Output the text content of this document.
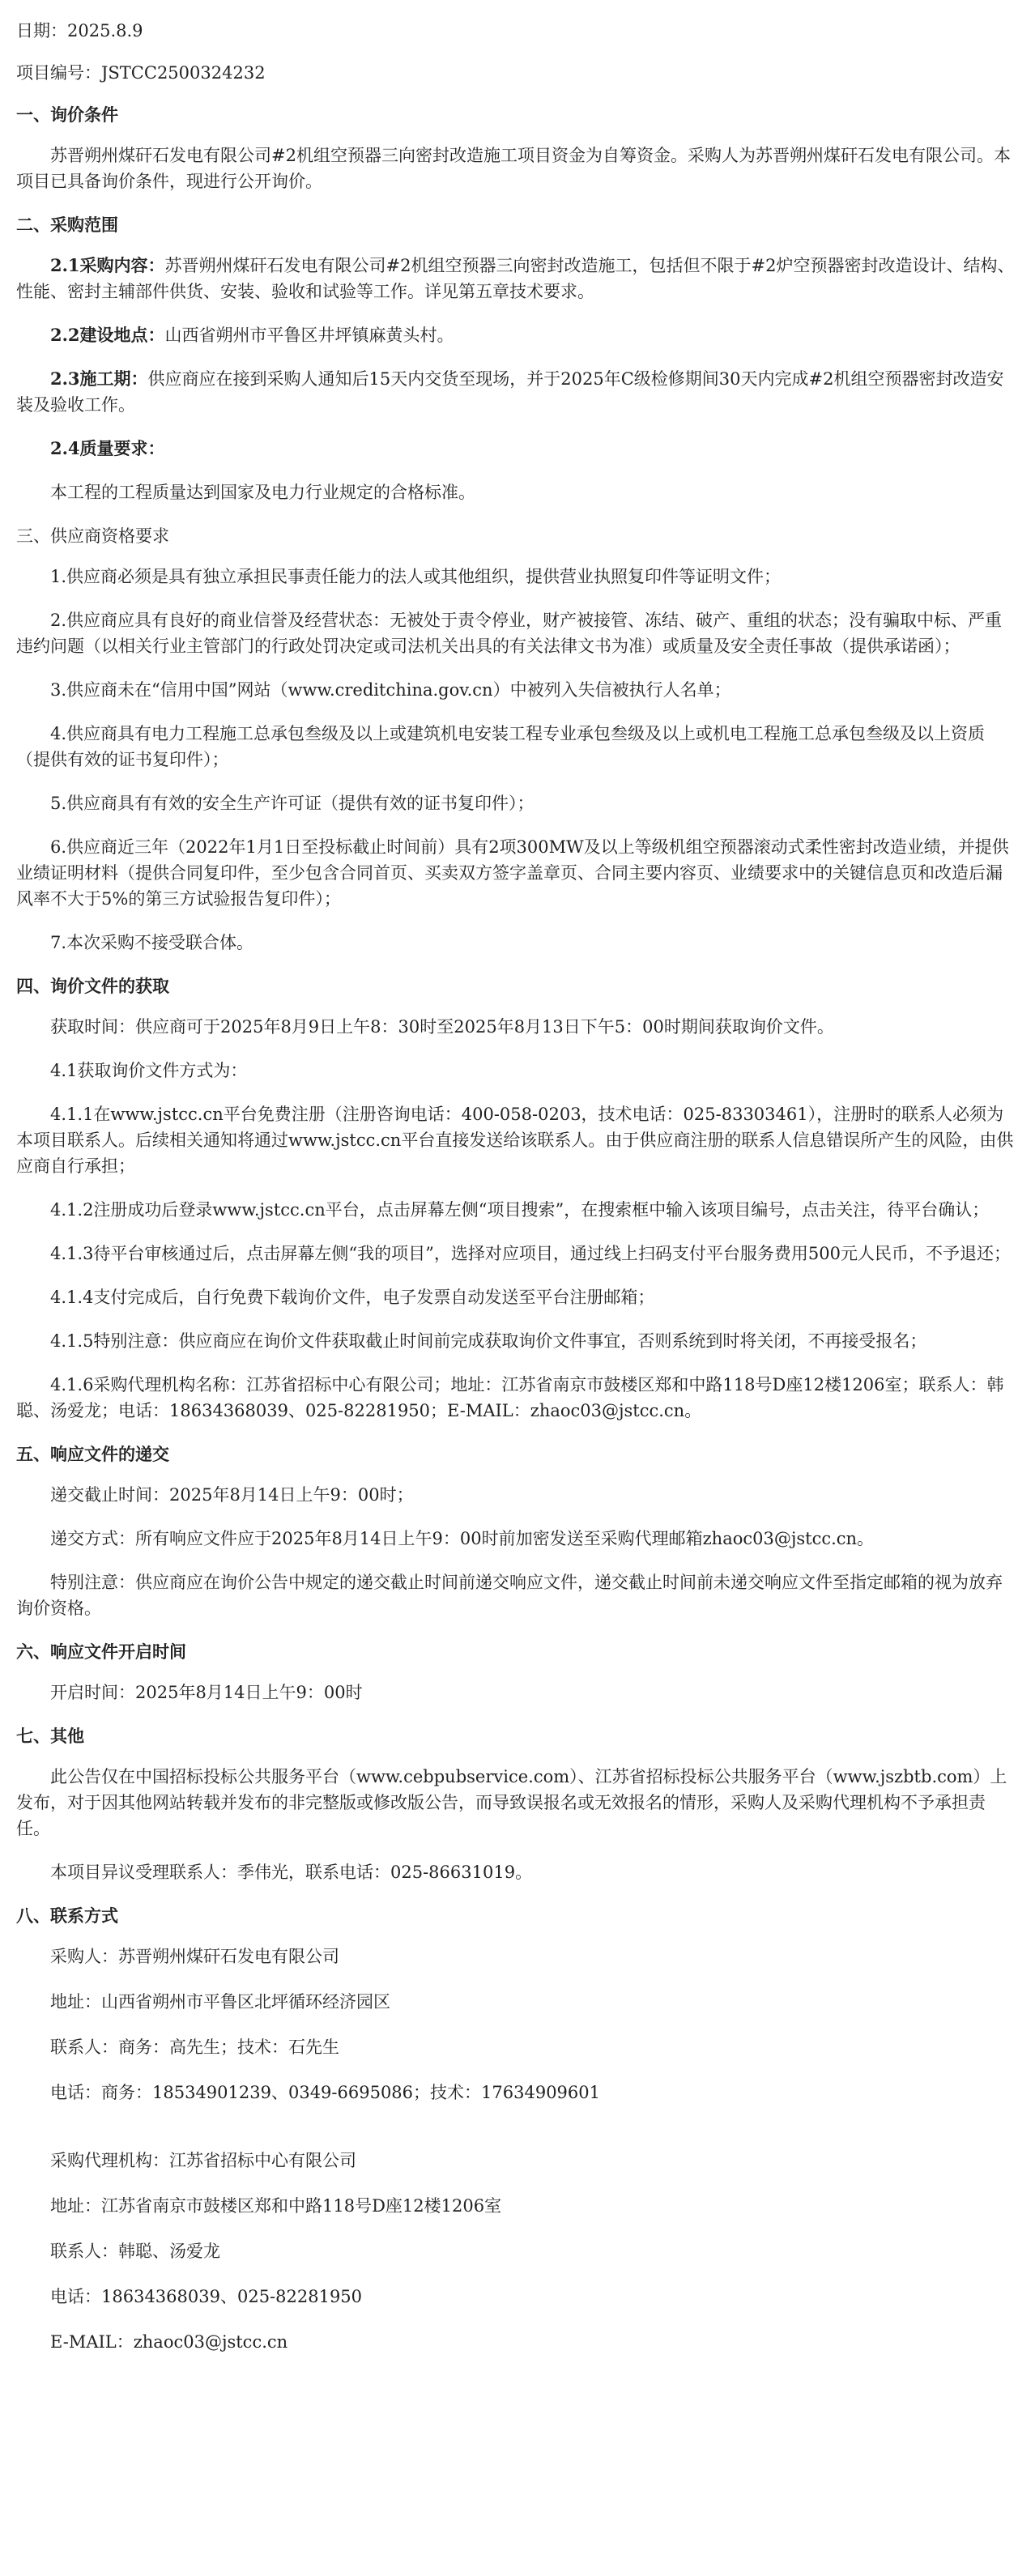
日期：2025.8.9
项目编号：JSTCC2500324232
一、询价条件
苏晋朔州煤矸石发电有限公司#2机组空预器三向密封改造施工项目资金为自筹资金。采购人为苏晋朔州煤矸石发电有限公司。本项目已具备询价条件，现进行公开询价。
二、采购范围
2.1采购内容：苏晋朔州煤矸石发电有限公司#2机组空预器三向密封改造施工，包括但不限于#2炉空预器密封改造设计、结构、性能、密封主辅部件供货、安装、验收和试验等工作。详见第五章技术要求。
2.2建设地点：山西省朔州市平鲁区井坪镇麻黄头村。
2.3施工期：供应商应在接到采购人通知后15天内交货至现场，并于2025年C级检修期间30天内完成#2机组空预器密封改造安装及验收工作。
2.4质量要求：
本工程的工程质量达到国家及电力行业规定的合格标准。
三、供应商资格要求
1.供应商必须是具有独立承担民事责任能力的法人或其他组织，提供营业执照复印件等证明文件；
2.供应商应具有良好的商业信誉及经营状态：无被处于责令停业，财产被接管、冻结、破产、重组的状态；没有骗取中标、严重违约问题（以相关行业主管部门的行政处罚决定或司法机关出具的有关法律文书为准）或质量及安全责任事故（提供承诺函）；
3.供应商未在“信用中国”网站（www.creditchina.gov.cn）中被列入失信被执行人名单；
4.供应商具有电力工程施工总承包叁级及以上或建筑机电安装工程专业承包叁级及以上或机电工程施工总承包叁级及以上资质（提供有效的证书复印件）；
5.供应商具有有效的安全生产许可证（提供有效的证书复印件）；
6.供应商近三年（2022年1月1日至投标截止时间前）具有2项300MW及以上等级机组空预器滚动式柔性密封改造业绩，并提供业绩证明材料（提供合同复印件，至少包含合同首页、买卖双方签字盖章页、合同主要内容页、业绩要求中的关键信息页和改造后漏风率不大于5%的第三方试验报告复印件）；
7.本次采购不接受联合体。
四、询价文件的获取
获取时间：供应商可于2025年8月9日上午8：30时至2025年8月13日下午5：00时期间获取询价文件。
4.1获取询价文件方式为：
4.1.1在www.jstcc.cn平台免费注册（注册咨询电话：400-058-0203，技术电话：025-83303461），注册时的联系人必须为本项目联系人。后续相关通知将通过www.jstcc.cn平台直接发送给该联系人。由于供应商注册的联系人信息错误所产生的风险，由供应商自行承担；
4.1.2注册成功后登录www.jstcc.cn平台，点击屏幕左侧“项目搜索”，在搜索框中输入该项目编号，点击关注，待平台确认；
4.1.3待平台审核通过后，点击屏幕左侧“我的项目”，选择对应项目，通过线上扫码支付平台服务费用500元人民币，不予退还；
4.1.4支付完成后，自行免费下载询价文件，电子发票自动发送至平台注册邮箱；
4.1.5特别注意：供应商应在询价文件获取截止时间前完成获取询价文件事宜，否则系统到时将关闭，不再接受报名；
4.1.6采购代理机构名称：江苏省招标中心有限公司；地址：江苏省南京市鼓楼区郑和中路118号D座12楼1206室；联系人：韩聪、汤爱龙；电话：18634368039、025-82281950；E-MAIL：zhaoc03@jstcc.cn。
五、响应文件的递交
递交截止时间：2025年8月14日上午9：00时；
递交方式：所有响应文件应于2025年8月14日上午9：00时前加密发送至采购代理邮箱zhaoc03@jstcc.cn。
特别注意：供应商应在询价公告中规定的递交截止时间前递交响应文件，递交截止时间前未递交响应文件至指定邮箱的视为放弃询价资格。
六、响应文件开启时间
开启时间：2025年8月14日上午9：00时
七、其他
此公告仅在中国招标投标公共服务平台（www.cebpubservice.com）、江苏省招标投标公共服务平台（www.jszbtb.com）上发布，对于因其他网站转载并发布的非完整版或修改版公告，而导致误报名或无效报名的情形，采购人及采购代理机构不予承担责任。
本项目异议受理联系人：季伟光，联系电话：025-86631019。
八、联系方式
采购人：苏晋朔州煤矸石发电有限公司
地址：山西省朔州市平鲁区北坪循环经济园区
联系人：商务：高先生；技术：石先生
电话：商务：18534901239、0349-6695086；技术：17634909601
采购代理机构：江苏省招标中心有限公司
地址：江苏省南京市鼓楼区郑和中路118号D座12楼1206室
联系人：韩聪、汤爱龙
电话：18634368039、025-82281950
E-MAIL：zhaoc03@jstcc.cn
